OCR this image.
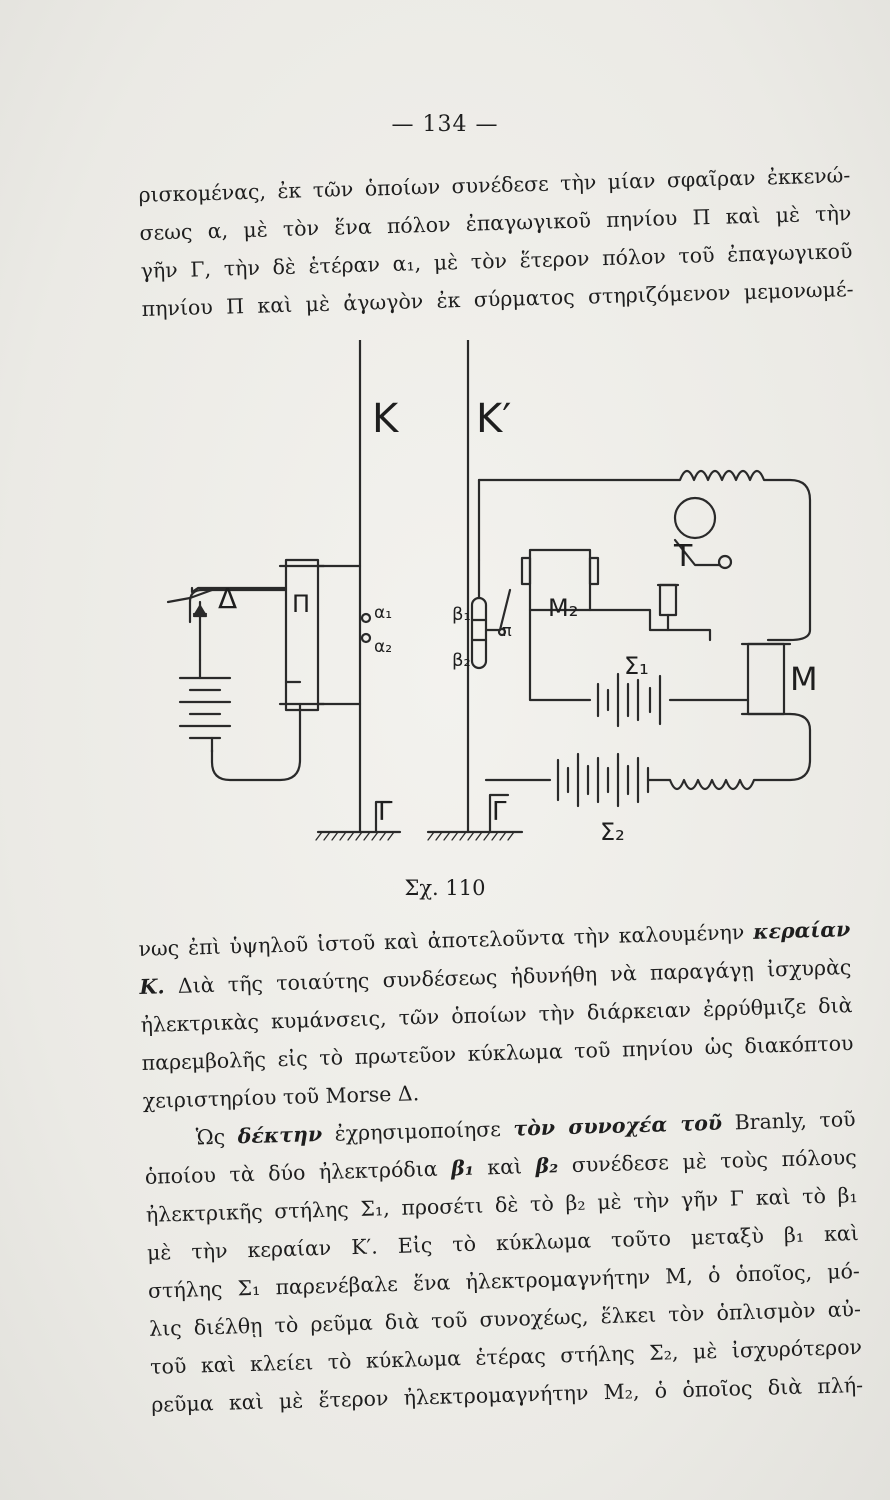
— 134 —
ρισκομένας, ἐκ τῶν ὁποίων συνέδεσε τὴν μίαν σφαῖραν ἐκκενώ-
σεως α, μὲ τὸν ἕνα πόλον ἐπαγωγικοῦ πηνίου Π καὶ μὲ τὴν
γῆν Γ, τὴν δὲ ἑτέραν α₁, μὲ τὸν ἕτερον πόλον τοῦ ἐπαγωγικοῦ
πηνίου Π καὶ μὲ ἀγωγὸν ἐκ σύρματος στηριζόμενον μεμονωμέ-
K K′
Δ Π	α₁
α₂
β₁
β₂
π
M₂
T
Σ₁	M
Γ	Γ
Σ₂
Σχ. 110
νως ἐπὶ ὑψηλοῦ ἱστοῦ καὶ ἀποτελοῦντα τὴν καλουμένην κεραίαν
Κ. Διὰ τῆς τοιαύτης συνδέσεως ἠδυνήθη νὰ παραγάγῃ ἰσχυρὰς
ἠλεκτρικὰς κυμάνσεις, τῶν ὁποίων τὴν διάρκειαν ἐρρύθμιζε διὰ
παρεμβολῆς εἰς τὸ πρωτεῦον κύκλωμα τοῦ πηνίου ὡς διακόπτου
χειριστηρίου τοῦ Morse Δ.
Ὡς δέκτην ἐχρησιμοποίησε τὸν συνοχέα τοῦ Branly, τοῦ
ὁποίου τὰ δύο ἠλεκτρόδια β₁ καὶ β₂ συνέδεσε μὲ τοὺς πόλους
ἠλεκτρικῆς στήλης Σ₁, προσέτι δὲ τὸ β₂ μὲ τὴν γῆν Γ καὶ τὸ β₁
μὲ τὴν κεραίαν Κ′. Εἰς τὸ κύκλωμα τοῦτο μεταξὺ β₁ καὶ
στήλης Σ₁ παρενέβαλε ἕνα ἠλεκτρομαγνήτην Μ, ὁ ὁποῖος, μό-
λις διέλθῃ τὸ ρεῦμα διὰ τοῦ συνοχέως, ἕλκει τὸν ὁπλισμὸν αὐ-
τοῦ καὶ κλείει τὸ κύκλωμα ἑτέρας στήλης Σ₂, μὲ ἰσχυρότερον
ρεῦμα καὶ μὲ ἕτερον ἠλεκτρομαγνήτην Μ₂, ὁ ὁποῖος διὰ πλή-
